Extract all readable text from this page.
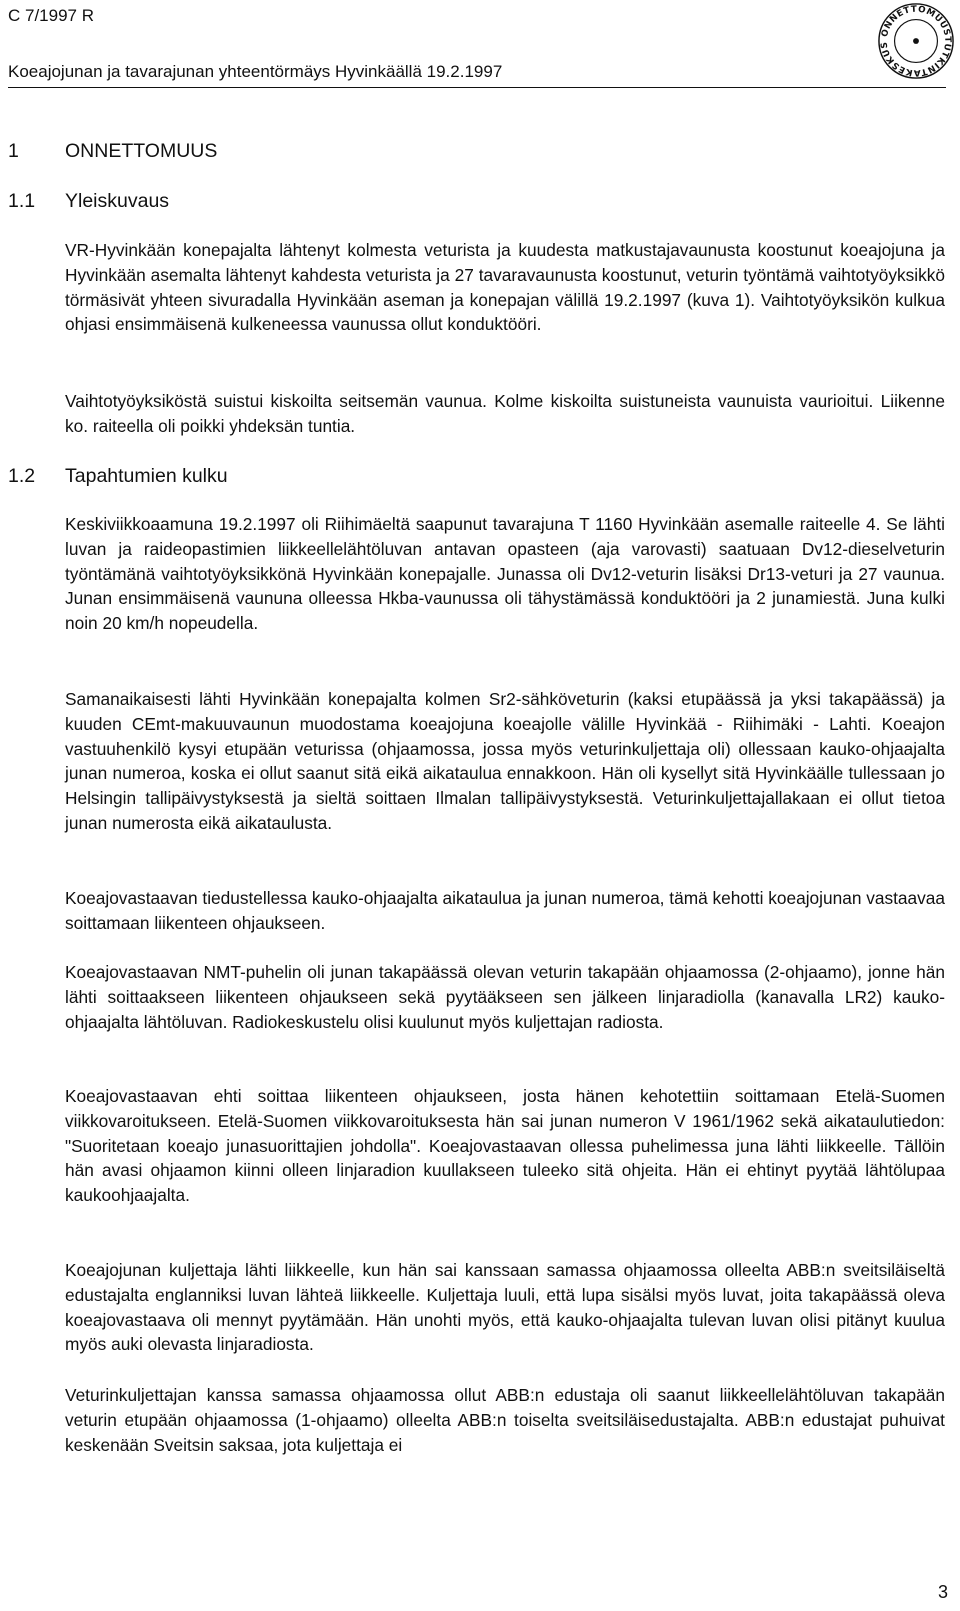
C 7/1997 R
Koeajojunan ja tavarajunan yhteentörmäys Hyvinkäällä 19.2.1997
ONNETTOMUUSTUTKINTAKESKUS
1 ONNETTOMUUS
1.1 Yleiskuvaus

VR-Hyvinkään konepajalta lähtenyt kolmesta veturista ja kuudesta matkustajavaunusta koostunut koeajojuna ja Hyvinkään asemalta lähtenyt kahdesta veturista ja 27 tavaravaunusta koostunut, veturin työntämä vaihtotyöyksikkö törmäsivät yhteen sivuradalla Hyvinkään aseman ja konepajan välillä 19.2.1997 (kuva 1). Vaihtotyöyksikön kulkua ohjasi ensimmäisenä kulkeneessa vaunussa ollut konduktööri.

Vaihtotyöyksiköstä suistui kiskoilta seitsemän vaunua. Kolme kiskoilta suistuneista vaunuista vaurioitui. Liikenne ko. raiteella oli poikki yhdeksän tuntia.

1.2 Tapahtumien kulku

Keskiviikkoaamuna 19.2.1997 oli Riihimäeltä saapunut tavarajuna T 1160 Hyvinkään asemalle raiteelle 4. Se lähti luvan ja raideopastimien liikkeellelähtöluvan antavan opasteen (aja varovasti) saatuaan Dv12-dieselveturin työntämänä vaihtotyöyksikkönä Hyvinkään konepajalle. Junassa oli Dv12-veturin lisäksi Dr13-veturi ja 27 vaunua. Junan ensimmäisenä vaununa olleessa Hkba-vaunussa oli tähystämässä konduktööri ja 2 junamiestä. Juna kulki noin 20 km/h nopeudella.

Samanaikaisesti lähti Hyvinkään konepajalta kolmen Sr2-sähköveturin (kaksi etupäässä ja yksi takapäässä) ja kuuden CEmt-makuuvaunun muodostama koeajojuna koeajolle välille Hyvinkää - Riihimäki - Lahti. Koeajon vastuuhenkilö kysyi etupään veturissa (ohjaamossa, jossa myös veturinkuljettaja oli) ollessaan kauko-ohjaajalta junan numeroa, koska ei ollut saanut sitä eikä aikataulua ennakkoon. Hän oli kysellyt sitä Hyvinkäälle tullessaan jo Helsingin tallipäivystyksestä ja sieltä soittaen Ilmalan tallipäivystyksestä. Veturinkuljettajallakaan ei ollut tietoa junan numerosta eikä aikataulusta.

Koeajovastaavan tiedustellessa kauko-ohjaajalta aikataulua ja junan numeroa, tämä kehotti koeajojunan vastaavaa soittamaan liikenteen ohjaukseen.

Koeajovastaavan NMT-puhelin oli junan takapäässä olevan veturin takapään ohjaamossa (2-ohjaamo), jonne hän lähti soittaakseen liikenteen ohjaukseen sekä pyytääkseen sen jälkeen linjaradiolla (kanavalla LR2) kauko-ohjaajalta lähtöluvan. Radiokeskustelu olisi kuulunut myös kuljettajan radiosta.

Koeajovastaavan ehti soittaa liikenteen ohjaukseen, josta hänen kehotettiin soittamaan Etelä-Suomen viikkovaroitukseen. Etelä-Suomen viikkovaroituksesta hän sai junan numeron V 1961/1962 sekä aikataulutiedon: "Suoritetaan koeajo junasuorittajien johdolla". Koeajovastaavan ollessa puhelimessa juna lähti liikkeelle. Tällöin hän avasi ohjaamon kiinni olleen linjaradion kuullakseen tuleeko sitä ohjeita. Hän ei ehtinyt pyytää lähtölupaa kaukoohjaajalta.

Koeajojunan kuljettaja lähti liikkeelle, kun hän sai kanssaan samassa ohjaamossa olleelta ABB:n sveitsiläiseltä edustajalta englanniksi luvan lähteä liikkeelle. Kuljettaja luuli, että lupa sisälsi myös luvat, joita takapäässä oleva koeajovastaava oli mennyt pyytämään. Hän unohti myös, että kauko-ohjaajalta tulevan luvan olisi pitänyt kuulua myös auki olevasta linjaradiosta.

Veturinkuljettajan kanssa samassa ohjaamossa ollut ABB:n edustaja oli saanut liikkeellelähtöluvan takapään veturin etupään ohjaamossa (1-ohjaamo) olleelta ABB:n toiselta sveitsiläisedustajalta. ABB:n edustajat puhuivat keskenään Sveitsin saksaa, jota kuljettaja ei

3
